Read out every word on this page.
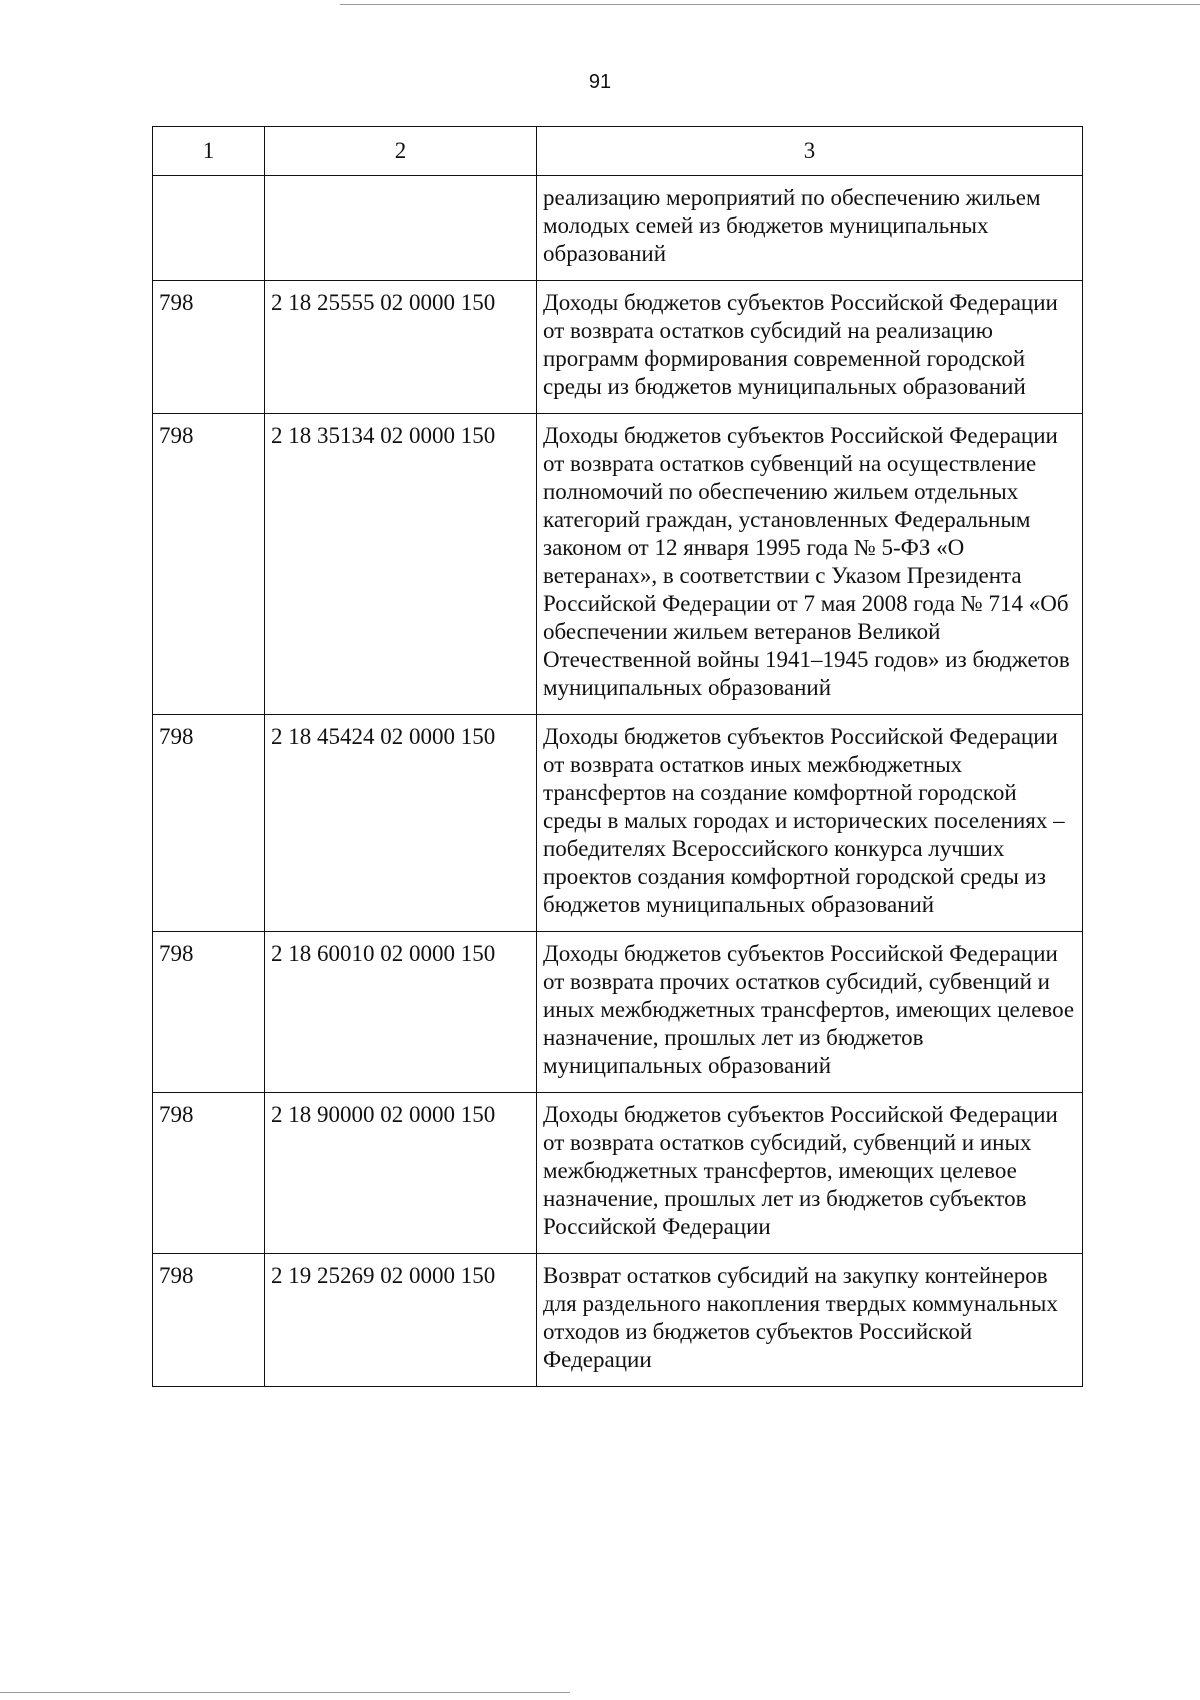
91
1	2	3
		реализацию мероприятий по обеспечению жильем молодых семей из бюджетов муниципальных образований
798	2 18 25555 02 0000 150	Доходы бюджетов субъектов Российской Федерации от возврата остатков субсидий на реализацию программ формирования современной городской среды из бюджетов муниципальных образований
798	2 18 35134 02 0000 150	Доходы бюджетов субъектов Российской Федерации от возврата остатков субвенций на осуществление полномочий по обеспечению жильем отдельных категорий граждан, установленных Федеральным законом от 12 января 1995 года № 5-ФЗ «О ветеранах», в соответствии с Указом Президента Российской Федерации от 7 мая 2008 года № 714 «Об обеспечении жильем ветеранов Великой Отечественной войны 1941–1945 годов» из бюджетов муниципальных образований
798	2 18 45424 02 0000 150	Доходы бюджетов субъектов Российской Федерации от возврата остатков иных межбюджетных трансфертов на создание комфортной городской среды в малых городах и исторических поселениях – победителях Всероссийского конкурса лучших проектов создания комфортной городской среды из бюджетов муниципальных образований
798	2 18 60010 02 0000 150	Доходы бюджетов субъектов Российской Федерации от возврата прочих остатков субсидий, субвенций и иных межбюджетных трансфертов, имеющих целевое назначение, прошлых лет из бюджетов муниципальных образований
798	2 18 90000 02 0000 150	Доходы бюджетов субъектов Российской Федерации от возврата остатков субсидий, субвенций и иных межбюджетных трансфертов, имеющих целевое назначение, прошлых лет из бюджетов субъектов Российской Федерации
798	2 19 25269 02 0000 150	Возврат остатков субсидий на закупку контейнеров для раздельного накопления твердых коммунальных отходов из бюджетов субъектов Российской Федерации
